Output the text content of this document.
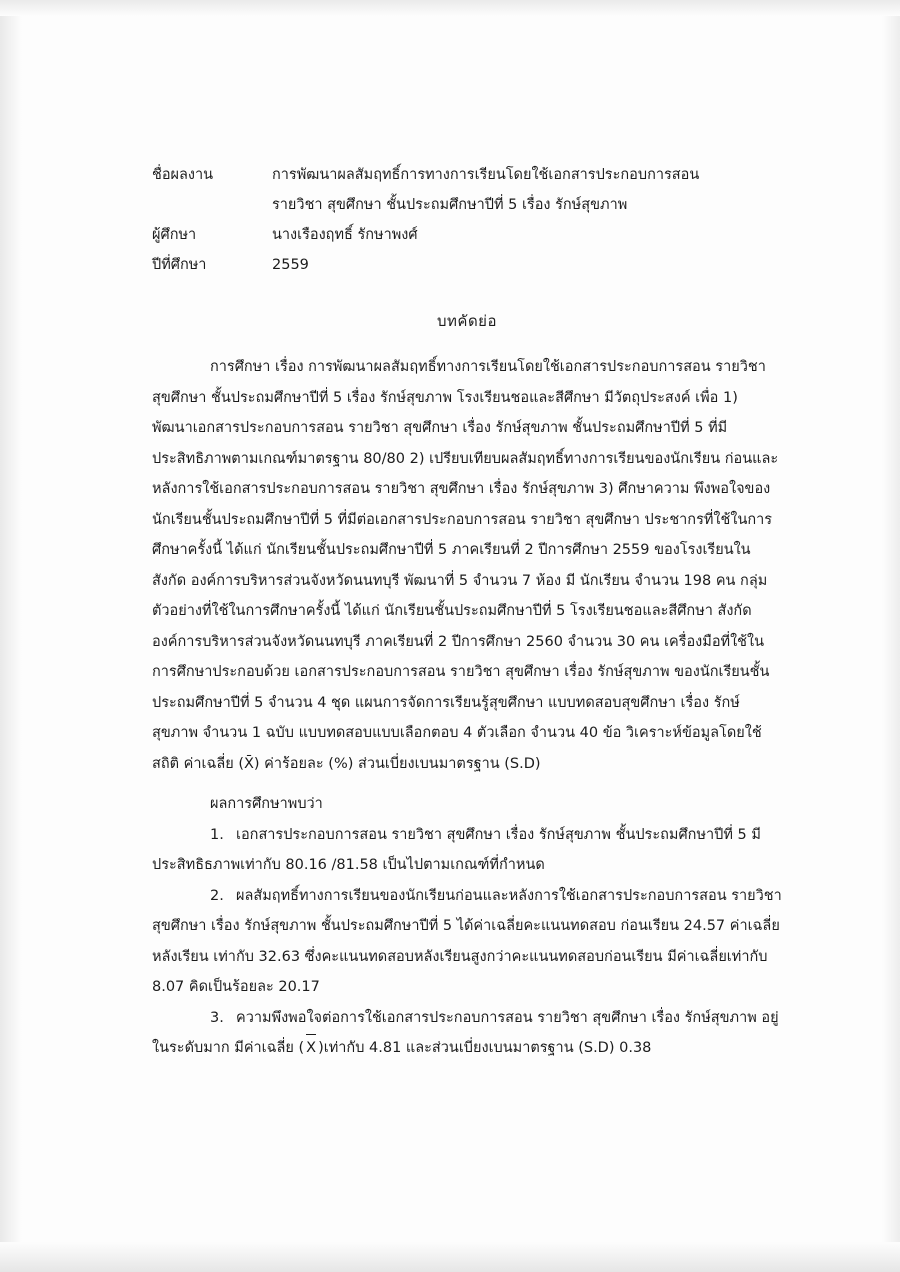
ชื่อผลงาน	การพัฒนาผลสัมฤทธิ์การทางการเรียนโดยใช้เอกสารประกอบการสอน
รายวิชา สุขศึกษา ชั้นประถมศึกษาปีที่ 5 เรื่อง รักษ์สุขภาพ
ผู้ศึกษา	นางเรืองฤทธิ์ รักษาพงศ์
ปีที่ศึกษา	2559
บทคัดย่อ

การศึกษา เรื่อง การพัฒนาผลสัมฤทธิ์ทางการเรียนโดยใช้เอกสารประกอบการสอน รายวิชา สุขศึกษา ชั้นประถมศึกษาปีที่ 5 เรื่อง รักษ์สุขภาพ โรงเรียนชอและสีศึกษา มีวัตถุประสงค์ เพื่อ 1) พัฒนาเอกสารประกอบการสอน รายวิชา สุขศึกษา เรื่อง รักษ์สุขภาพ ชั้นประถมศึกษาปีที่ 5 ที่มีประสิทธิภาพตามเกณฑ์มาตรฐาน 80/80 2) เปรียบเทียบผลสัมฤทธิ์ทางการเรียนของนักเรียน ก่อนและหลังการใช้เอกสารประกอบการสอน รายวิชา สุขศึกษา เรื่อง รักษ์สุขภาพ 3) ศึกษาความ พึงพอใจของนักเรียนชั้นประถมศึกษาปีที่ 5 ที่มีต่อเอกสารประกอบการสอน รายวิชา สุขศึกษา ประชากรที่ใช้ในการศึกษาครั้งนี้ ได้แก่ นักเรียนชั้นประถมศึกษาปีที่ 5 ภาคเรียนที่ 2 ปีการศึกษา 2559 ของโรงเรียนในสังกัด องค์การบริหารส่วนจังหวัดนนทบุรี พัฒนาที่ 5 จำนวน 7 ห้อง มี นักเรียน จำนวน 198 คน กลุ่มตัวอย่างที่ใช้ในการศึกษาครั้งนี้ ได้แก่ นักเรียนชั้นประถมศึกษาปีที่ 5 โรงเรียนชอและสีศึกษา สังกัด องค์การบริหารส่วนจังหวัดนนทบุรี ภาคเรียนที่ 2 ปีการศึกษา 2560 จำนวน 30 คน เครื่องมือที่ใช้ในการศึกษาประกอบด้วย เอกสารประกอบการสอน รายวิชา สุขศึกษา เรื่อง รักษ์สุขภาพ ของนักเรียนชั้นประถมศึกษาปีที่ 5 จำนวน 4 ชุด แผนการจัดการเรียนรู้สุขศึกษา แบบทดสอบสุขศึกษา เรื่อง รักษ์สุขภาพ จำนวน 1 ฉบับ แบบทดสอบแบบเลือกตอบ 4 ตัวเลือก จำนวน 40 ข้อ วิเคราะห์ข้อมูลโดยใช้สถิติ ค่าเฉลี่ย (X̄) ค่าร้อยละ (%) ส่วนเบี่ยงเบนมาตรฐาน (S.D)

ผลการศึกษาพบว่า

1. เอกสารประกอบการสอน รายวิชา สุขศึกษา เรื่อง รักษ์สุขภาพ ชั้นประถมศึกษาปีที่ 5 มีประสิทธิธภาพเท่ากับ 80.16 /81.58 เป็นไปตามเกณฑ์ที่กำหนด

2. ผลสัมฤทธิ์ทางการเรียนของนักเรียนก่อนและหลังการใช้เอกสารประกอบการสอน รายวิชา สุขศึกษา เรื่อง รักษ์สุขภาพ ชั้นประถมศึกษาปีที่ 5 ได้ค่าเฉลี่ยคะแนนทดสอบ ก่อนเรียน 24.57 ค่าเฉลี่ยหลังเรียน เท่ากับ 32.63 ซึ่งคะแนนทดสอบหลังเรียนสูงกว่าคะแนนทดสอบก่อนเรียน มีค่าเฉลี่ยเท่ากับ 8.07 คิดเป็นร้อยละ 20.17

3. ความพึงพอใจต่อการใช้เอกสารประกอบการสอน รายวิชา สุขศึกษา เรื่อง รักษ์สุขภาพ อยู่ในระดับมาก มีค่าเฉลี่ย ( X )เท่ากับ 4.81 และส่วนเบี่ยงเบนมาตรฐาน (S.D) 0.38
